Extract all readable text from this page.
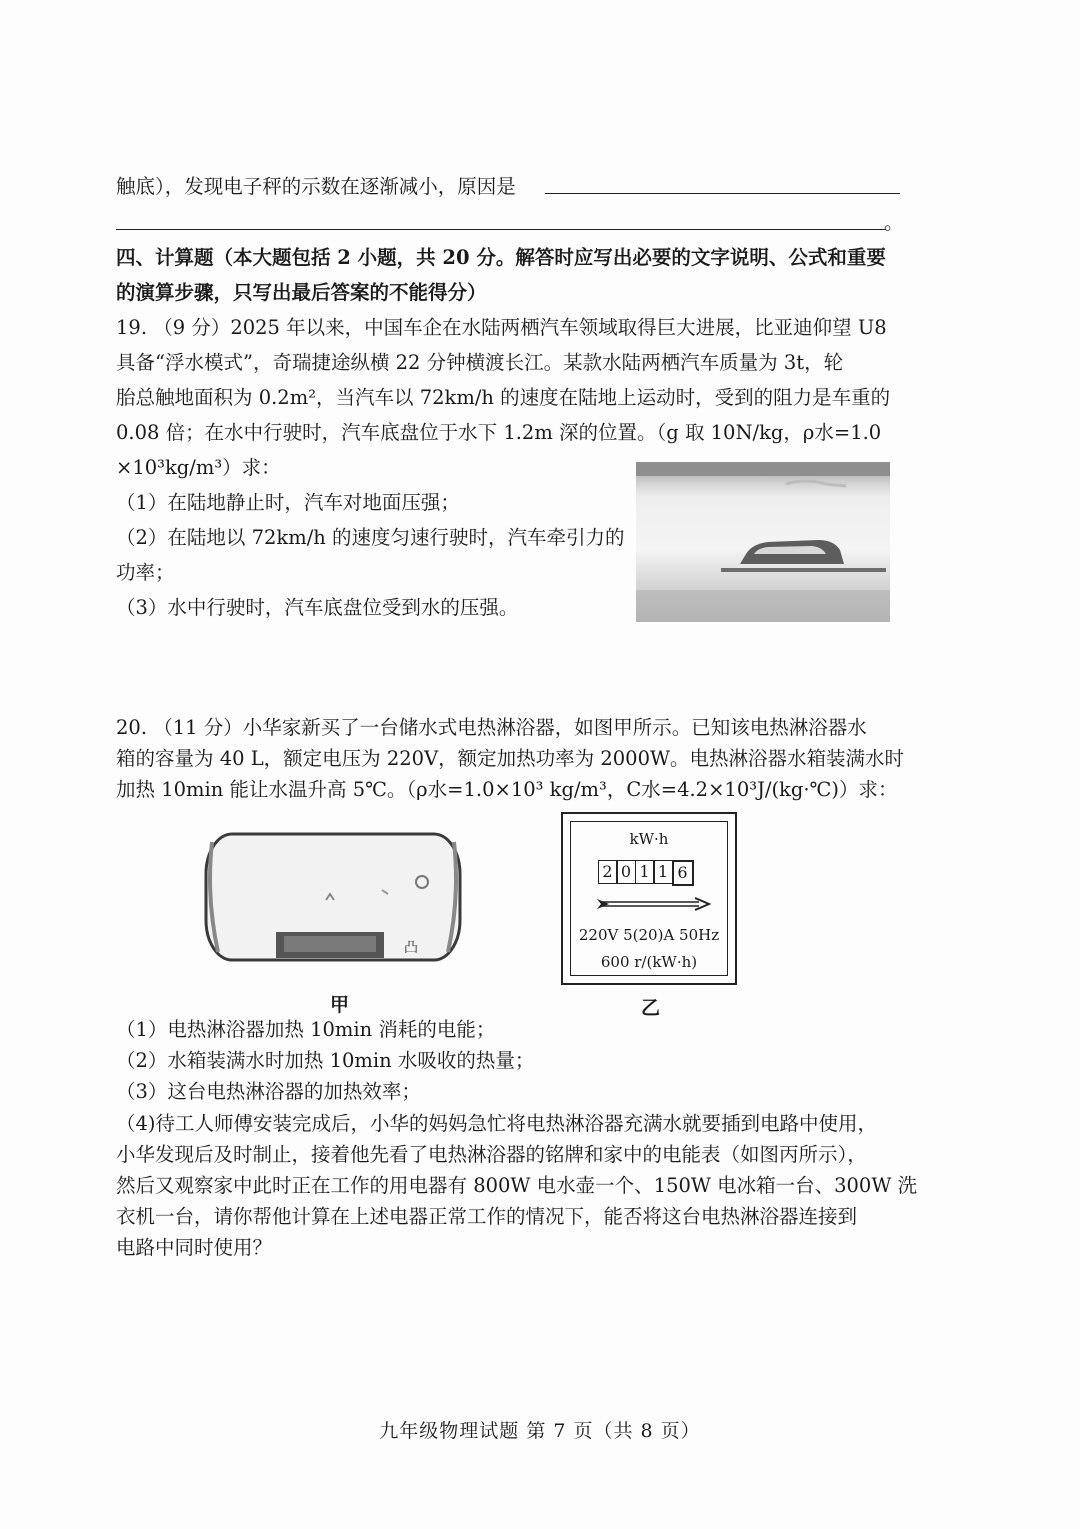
触底），发现电子秤的示数在逐渐减小，原因是
。
四、计算题（本大题包括 2 小题，共 20 分。解答时应写出必要的文字说明、公式和重要
的演算步骤，只写出最后答案的不能得分）
19. （9 分）2025 年以来，中国车企在水陆两栖汽车领域取得巨大进展，比亚迪仰望 U8
具备“浮水模式”，奇瑞捷途纵横 22 分钟横渡长江。某款水陆两栖汽车质量为 3t，轮
胎总触地面积为 0.2m²，当汽车以 72km/h 的速度在陆地上运动时，受到的阻力是车重的
0.08 倍；在水中行驶时，汽车底盘位于水下 1.2m 深的位置。（g 取 10N/kg，ρ水=1.0
×10³kg/m³）求：
（1）在陆地静止时，汽车对地面压强；
（2）在陆地以 72km/h 的速度匀速行驶时，汽车牵引力的
功率；
（3）水中行驶时，汽车底盘位受到水的压强。
20. （11 分）小华家新买了一台储水式电热淋浴器，如图甲所示。已知该电热淋浴器水
箱的容量为 40 L，额定电压为 220V，额定加热功率为 2000W。电热淋浴器水箱装满水时
加热 10min 能让水温升高 5℃。（ρ水=1.0×10³ kg/m³，C水=4.2×10³J/(kg·℃)）求：
凸
甲
kW·h
2 0 1 1 6
220V 5(20)A 50Hz
600 r/(kW·h)
乙
（1）电热淋浴器加热 10min 消耗的电能；
（2）水箱装满水时加热 10min 水吸收的热量；
（3）这台电热淋浴器的加热效率；
（4)待工人师傅安装完成后，小华的妈妈急忙将电热淋浴器充满水就要插到电路中使用，
小华发现后及时制止，接着他先看了电热淋浴器的铭牌和家中的电能表（如图丙所示），
然后又观察家中此时正在工作的用电器有 800W 电水壶一个、150W 电冰箱一台、300W 洗
衣机一台，请你帮他计算在上述电器正常工作的情况下，能否将这台电热淋浴器连接到
电路中同时使用？
九年级物理试题 第 7 页（共 8 页）
